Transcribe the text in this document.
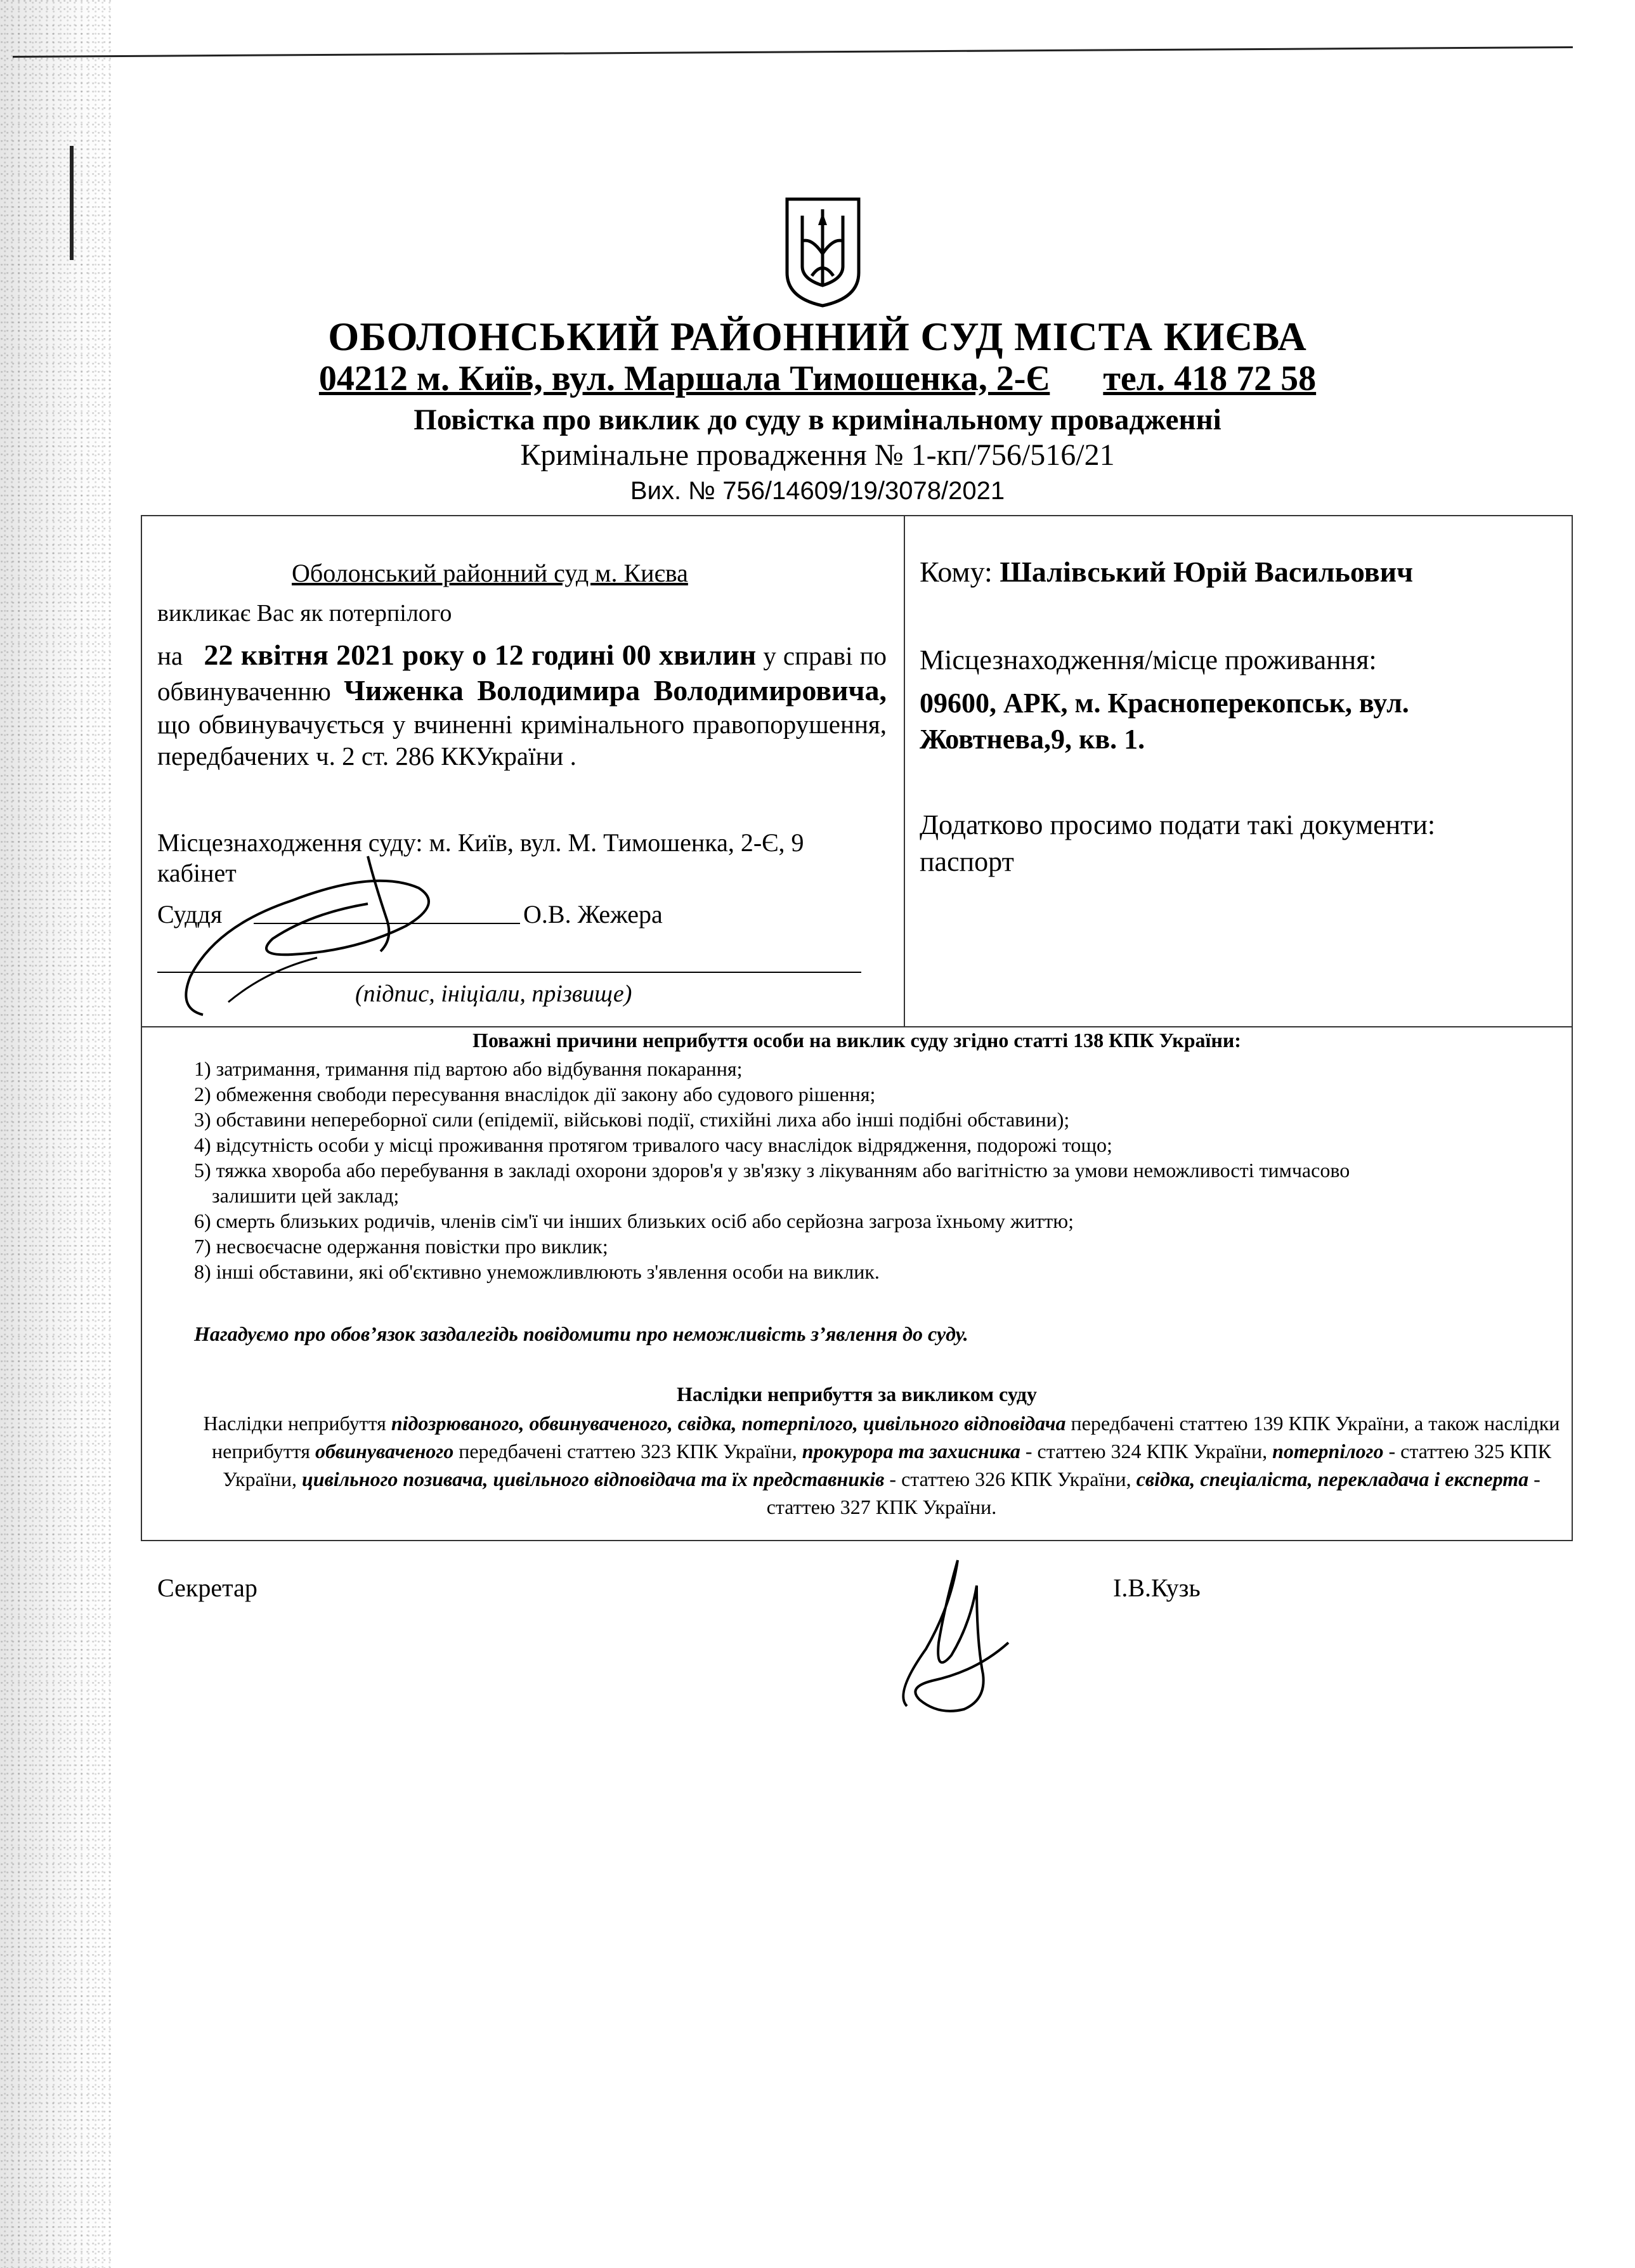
ОБОЛОНСЬКИЙ РАЙОННИЙ СУД МІСТА КИЄВА
04212 м. Київ, вул. Маршала Тимошенка, 2-Є тел. 418 72 58
Повістка про виклик до суду в кримінальному провадженні
Кримінальне провадження № 1-кп/756/516/21
Вих. № 756/14609/19/3078/2021
Оболонський районний суд м. Києва
викликає Вас як потерпілого
на 22 квітня 2021 року о 12 годині 00 хвилин у справі по обвинуваченню Чиженка Володимира Володимировича, що обвинувачується у вчиненні кримінального правопорушення, передбачених ч. 2 ст. 286 ККУкраїни .
Місцезнаходження суду: м. Київ, вул. М. Тимошенка, 2-Є, 9 кабінет
Суддя	О.В. Жежера
(підпис, ініціали, прізвище)
Кому: Шалівський Юрій Васильович
Місцезнаходження/місце проживання:
09600, АРК, м. Красноперекопськ, вул. Жовтнева,9, кв. 1.
Додатково просимо подати такі документи:
паспорт
Поважні причини неприбуття особи на виклик суду згідно статті 138 КПК України:
1) затримання, тримання під вартою або відбування покарання;
2) обмеження свободи пересування внаслідок дії закону або судового рішення;
3) обставини непереборної сили (епідемії, військові події, стихійні лиха або інші подібні обставини);
4) відсутність особи у місці проживання протягом тривалого часу внаслідок відрядження, подорожі тощо;
5) тяжка хвороба або перебування в закладі охорони здоров'я у зв'язку з лікуванням або вагітністю за умови неможливості тимчасово
залишити цей заклад;
6) смерть близьких родичів, членів сім'ї чи інших близьких осіб або серйозна загроза їхньому життю;
7) несвоєчасне одержання повістки про виклик;
8) інші обставини, які об'єктивно унеможливлюють з'явлення особи на виклик.
Нагадуємо про обов’язок заздалегідь повідомити про неможливість з’явлення до суду.
Наслідки неприбуття за викликом суду
Наслідки неприбуття підозрюваного, обвинуваченого, свідка, потерпілого, цивільного відповідача передбачені статтею 139 КПК України, а також наслідки неприбуття обвинуваченого передбачені статтею 323 КПК України, прокурора та захисника - статтею 324 КПК України, потерпілого - статтею 325 КПК України, цивільного позивача, цивільного відповідача та їх представників - статтею 326 КПК України, свідка, спеціаліста, перекладача і експерта - статтею 327 КПК України.
Секретар	І.В.Кузь
